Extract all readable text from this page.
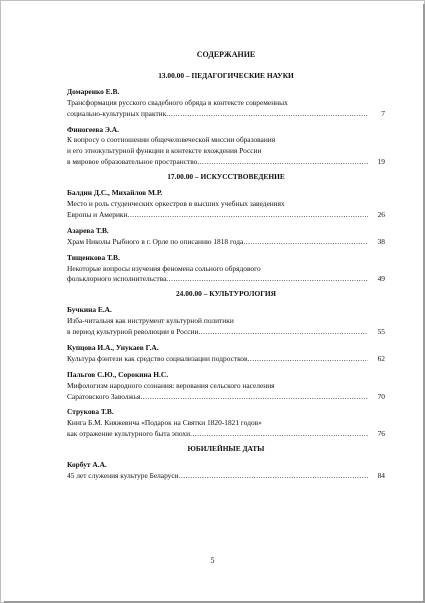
СОДЕРЖАНИЕ
13.00.00 – ПЕДАГОГИЧЕСКИЕ НАУКИ
Домаренко Е.В.
Трансформация русского свадебного обряда в контексте современных
социально-культурных практик .....	7
Финогеева Э.А.
К вопросу о соотношении общечеловеческой миссии образования
и его этнокультурной функции в контексте вхождения России
в мировое образовательное пространство .....	19
17.00.00 – ИСКУССТВОВЕДЕНИЕ
Балдин Д.С., Михайлов М.Р.
Место и роль студенческих оркестров в высших учебных заведениях
Европы и Америки .....	26
Азарева Т.В.
Храм Николы Рыбного в г. Орле по описанию 1818 года .....	38
Тищенкова Т.В.
Некоторые вопросы изучения феномена сольного обрядового
фольклорного исполнительства .....	49
24.00.00 – КУЛЬТУРОЛОГИЯ
Бучкина Е.А.
Изба-читальня как инструмент культурной политики
в период культурной революции в России .....	55
Купцова И.А., Унукаев Г.А.
Культура фэнтези как средство социализации подростков .....	62
Пальгов С.Ю., Сорокина Н.С.
Мифологизм народного сознания: верования сельского населения
Саратовского Заволжья .....	70
Струкова Т.В.
Книга Б.М. Княжевича «Подарок на Святки 1820-1821 годов»
как отражение культурного быта эпохи .....	76
ЮБИЛЕЙНЫЕ ДАТЫ
Корбут А.А.
45 лет служения культуре Беларуси .....	84
5
